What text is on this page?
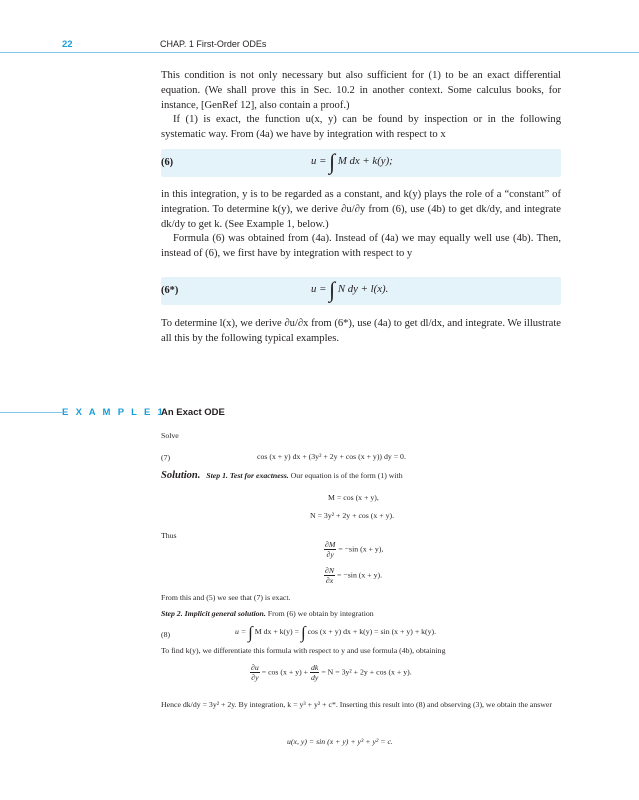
22	CHAP. 1 First-Order ODEs
This condition is not only necessary but also sufficient for (1) to be an exact differential equation. (We shall prove this in Sec. 10.2 in another context. Some calculus books, for instance, [GenRef 12], also contain a proof.)
If (1) is exact, the function u(x, y) can be found by inspection or in the following systematic way. From (4a) we have by integration with respect to x
(6)	u = ∫ M dx + k(y);
in this integration, y is to be regarded as a constant, and k(y) plays the role of a “constant” of integration. To determine k(y), we derive ∂u/∂y from (6), use (4b) to get dk/dy, and integrate dk/dy to get k. (See Example 1, below.)
Formula (6) was obtained from (4a). Instead of (4a) we may equally well use (4b). Then, instead of (6), we first have by integration with respect to y
(6*)	u = ∫ N dy + l(x).
To determine l(x), we derive ∂u/∂x from (6*), use (4a) to get dl/dx, and integrate. We illustrate all this by the following typical examples.
E X A M P L E 1
An Exact ODE
Solve
(7)	cos (x + y) dx + (3y² + 2y + cos (x + y)) dy = 0.
Solution. Step 1. Test for exactness. Our equation is of the form (1) with
M = cos (x + y),
N = 3y² + 2y + cos (x + y).
Thus
$\frac{\partial M}{\partial y} = -\sin$ (x + y),
$\frac{\partial N}{\partial x} = -\sin$ (x + y).
From this and (5) we see that (7) is exact.
Step 2. Implicit general solution. From (6) we obtain by integration
(8)	u = ∫ M dx + k(y) = ∫ cos (x + y) dx + k(y) = sin (x + y) + k(y).
To find k(y), we differentiate this formula with respect to y and use formula (4b), obtaining
$\frac{\partial u}{\partial y} = \cos (x + y) + \frac{dk}{dy} = N = 3y^2 + 2y + \cos (x + y)$.
Hence dk/dy = 3y² + 2y. By integration, k = y³ + y² + c*. Inserting this result into (8) and observing (3), we obtain the answer
u(x, y) = sin (x + y) + y³ + y² = c.
